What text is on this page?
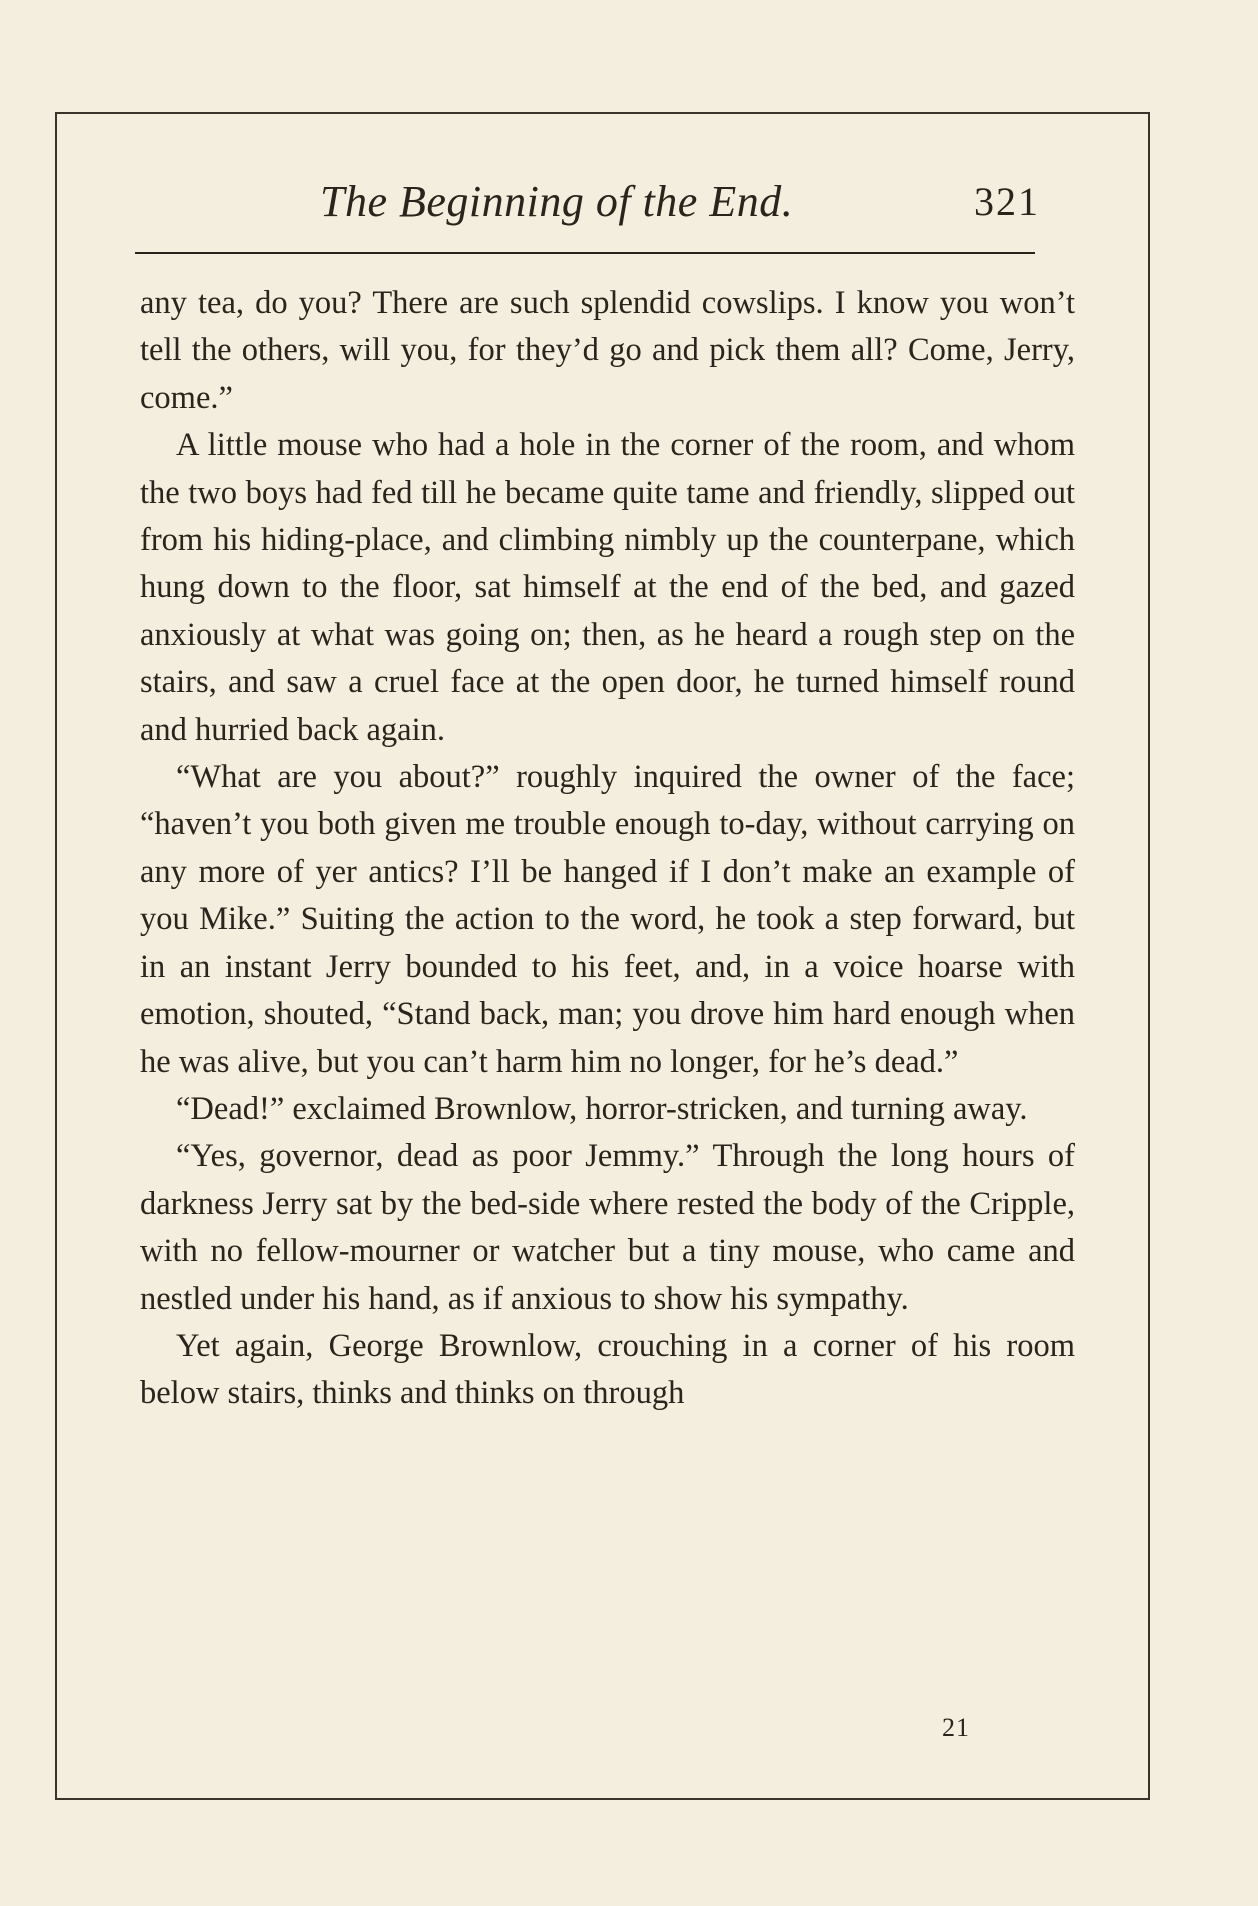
The Beginning of the End.	321

any tea, do you? There are such splendid cowslips. I know you won’t tell the others, will you, for they’d go and pick them all? Come, Jerry, come.”

A little mouse who had a hole in the corner of the room, and whom the two boys had fed till he became quite tame and friendly, slipped out from his hiding-place, and climbing nimbly up the counterpane, which hung down to the floor, sat himself at the end of the bed, and gazed anxiously at what was going on; then, as he heard a rough step on the stairs, and saw a cruel face at the open door, he turned himself round and hurried back again.

“What are you about?” roughly inquired the owner of the face; “haven’t you both given me trouble enough to-day, without carrying on any more of yer antics? I’ll be hanged if I don’t make an example of you Mike.” Suiting the action to the word, he took a step forward, but in an instant Jerry bounded to his feet, and, in a voice hoarse with emotion, shouted, “Stand back, man; you drove him hard enough when he was alive, but you can’t harm him no longer, for he’s dead.”

“Dead!” exclaimed Brownlow, horror-stricken, and turning away.

“Yes, governor, dead as poor Jemmy.” Through the long hours of darkness Jerry sat by the bed-side where rested the body of the Cripple, with no fellow-mourner or watcher but a tiny mouse, who came and nestled under his hand, as if anxious to show his sympathy.

Yet again, George Brownlow, crouching in a corner of his room below stairs, thinks and thinks on through

21
